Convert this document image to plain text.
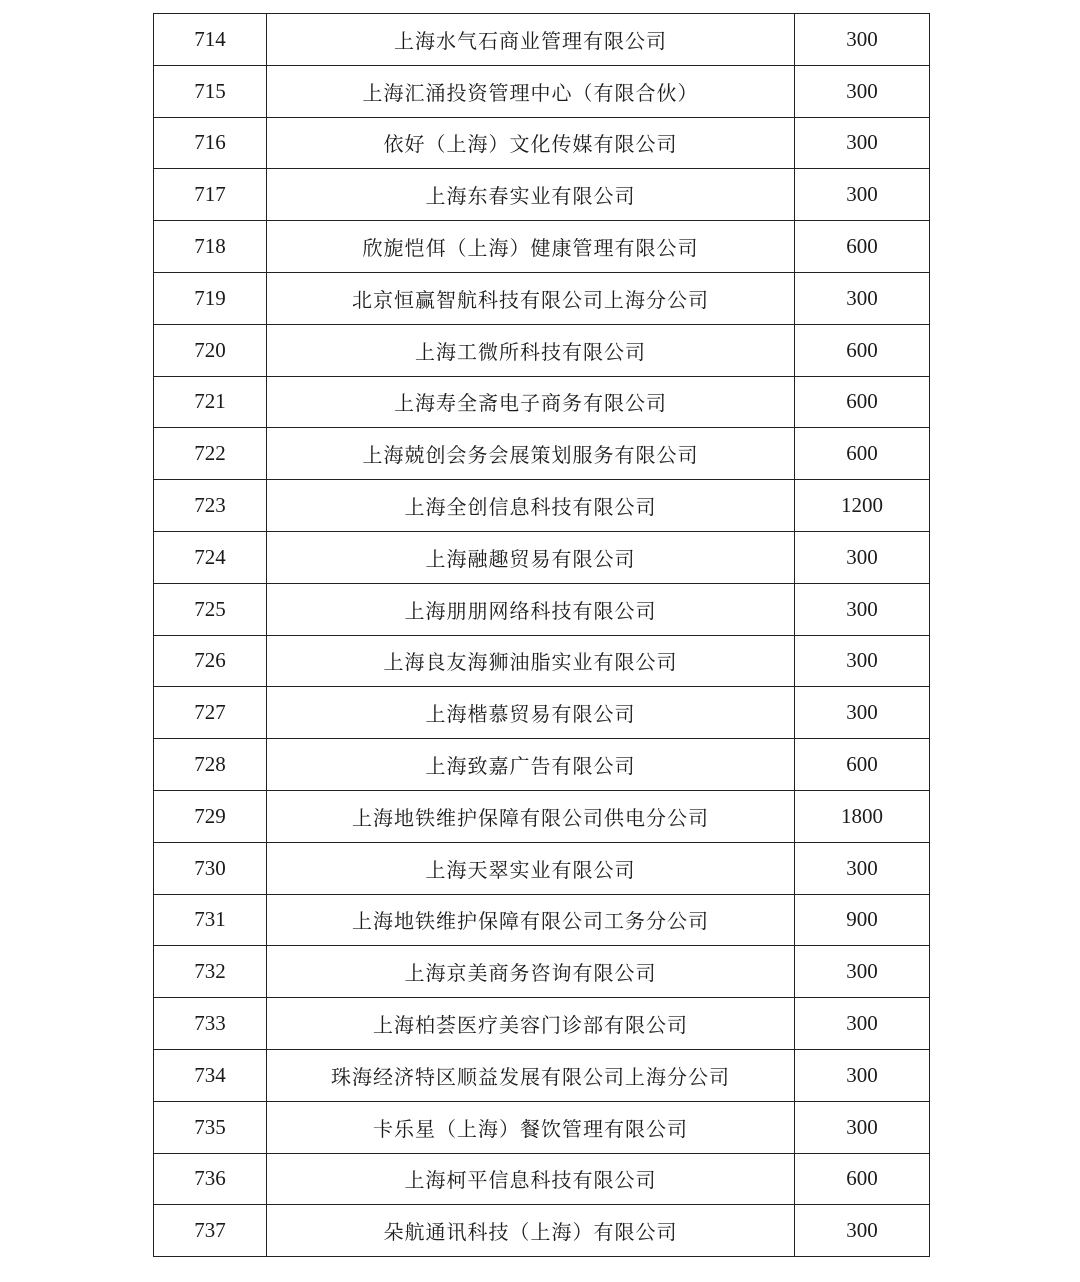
714	上海水气石商业管理有限公司	300
715	上海汇涌投资管理中心（有限合伙）	300
716	依好（上海）文化传媒有限公司	300
717	上海东春实业有限公司	300
718	欣旎恺佴（上海）健康管理有限公司	600
719	北京恒赢智航科技有限公司上海分公司	300
720	上海工微所科技有限公司	600
721	上海寿全斋电子商务有限公司	600
722	上海兢创会务会展策划服务有限公司	600
723	上海全创信息科技有限公司	1200
724	上海融趣贸易有限公司	300
725	上海朋朋网络科技有限公司	300
726	上海良友海狮油脂实业有限公司	300
727	上海楷慕贸易有限公司	300
728	上海致嘉广告有限公司	600
729	上海地铁维护保障有限公司供电分公司	1800
730	上海天翠实业有限公司	300
731	上海地铁维护保障有限公司工务分公司	900
732	上海京美商务咨询有限公司	300
733	上海柏荟医疗美容门诊部有限公司	300
734	珠海经济特区顺益发展有限公司上海分公司	300
735	卡乐星（上海）餐饮管理有限公司	300
736	上海柯平信息科技有限公司	600
737	朵航通讯科技（上海）有限公司	300
